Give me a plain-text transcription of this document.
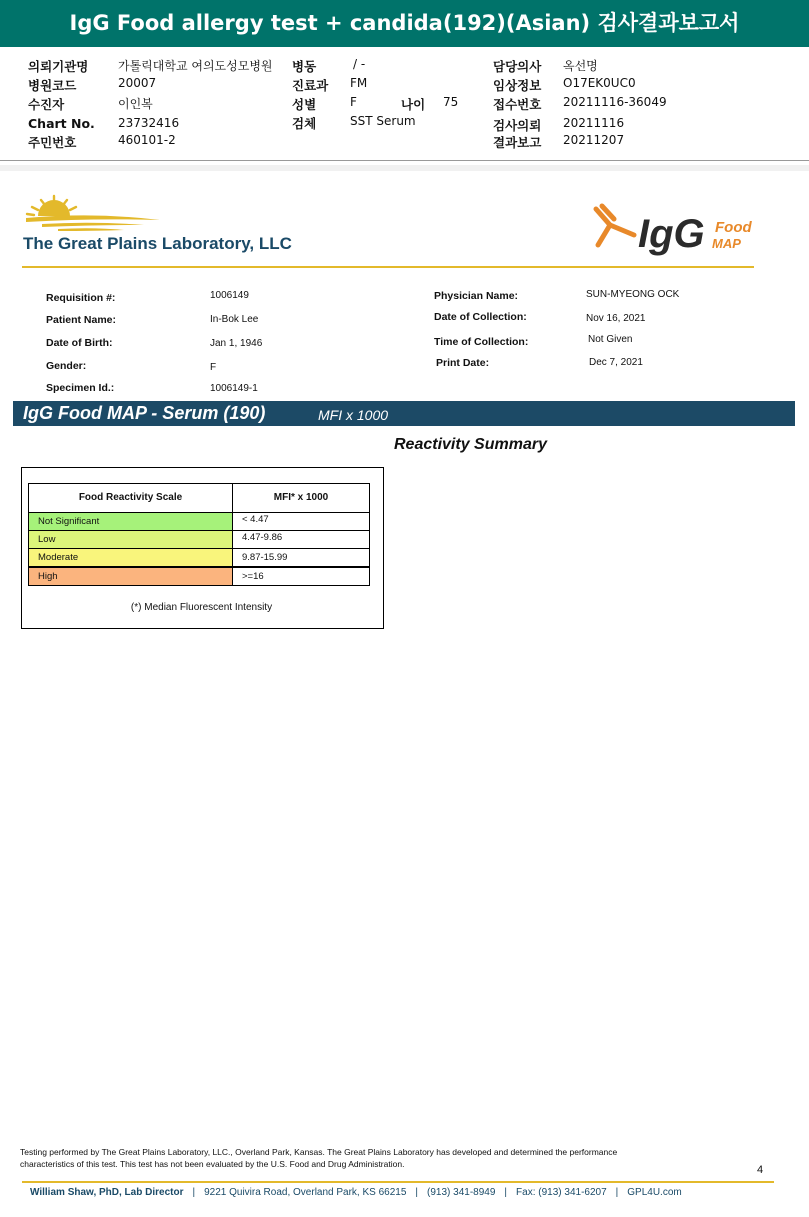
IgG Food allergy test + candida(192)(Asian) 검사결과보고서
의뢰기관명 가톨릭대학교 여의도성모병원
병원코드	20007
수진자	이인복
Chart No. 23732416
주민번호	460101-2
병동	/ -
진료과 FM
성별	F	나이 75
검체	SST Serum
담당의사 옥선명
임상정보 O17EK0UC0
접수번호 20211116-36049
검사의뢰 20211116
결과보고 20211207
The Great Plains Laboratory, LLC	IgG Food
MAP
Requisition #:	1006149
Patient Name:	In-Bok Lee
Date of Birth:	Jan 1, 1946
Gender:	F
Specimen Id.:	1006149-1
Physician Name:	SUN-MYEONG OCK
Date of Collection:	Nov 16, 2021
Time of Collection:	Not Given
Print Date:	Dec 7, 2021
IgG Food MAP - Serum (190)	MFI x 1000
Reactivity Summary
Food Reactivity Scale	MFI* x 1000
Not Significant	< 4.47
Low	4.47-9.86
Moderate	9.87-15.99
High	>=16
(*) Median Fluorescent Intensity
Testing performed by The Great Plains Laboratory, LLC., Overland Park, Kansas. The Great Plains Laboratory has developed and determined the performance
characteristics of this test. This test has not been evaluated by the U.S. Food and Drug Administration.	4
William Shaw, PhD, Lab Director | 9221 Quivira Road, Overland Park, KS 66215 | (913) 341-8949 | Fax: (913) 341-6207 | GPL4U.com
